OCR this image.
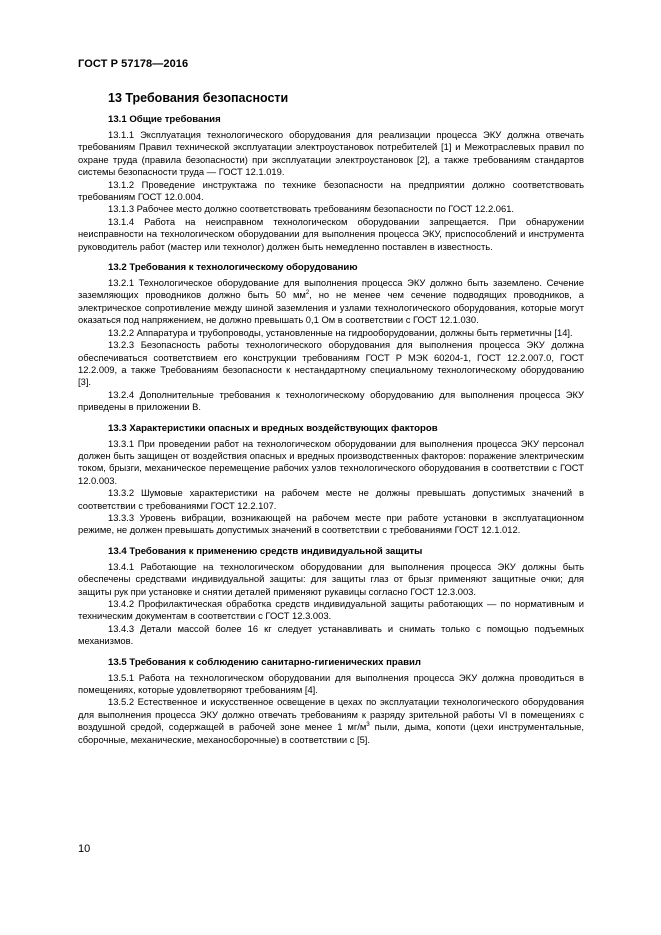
ГОСТ Р 57178—2016
13 Требования безопасности
13.1 Общие требования

13.1.1 Эксплуатация технологического оборудования для реализации процесса ЭКУ должна отвечать требованиям Правил технической эксплуатации электроустановок потребителей [1] и Межотраслевых правил по охране труда (правила безопасности) при эксплуатации электроустановок [2], а также требованиям стандартов системы безопасности труда — ГОСТ 12.1.019.

13.1.2 Проведение инструктажа по технике безопасности на предприятии должно соответствовать требованиям ГОСТ 12.0.004.

13.1.3 Рабочее место должно соответствовать требованиям безопасности по ГОСТ 12.2.061.

13.1.4 Работа на неисправном технологическом оборудовании запрещается. При обнаружении неисправности на технологическом оборудовании для выполнения процесса ЭКУ, приспособлений и инструмента руководитель работ (мастер или технолог) должен быть немедленно поставлен в известность.

13.2 Требования к технологическому оборудованию

13.2.1 Технологическое оборудование для выполнения процесса ЭКУ должно быть заземлено. Сечение заземляющих проводников должно быть 50 $мм^2$, но не менее чем сечение подводящих проводников, а электрическое сопротивление между шиной заземления и узлами технологического оборудования, которые могут оказаться под напряжением, не должно превышать 0,1 Ом в соответствии с ГОСТ 12.1.030.

13.2.2 Аппаратура и трубопроводы, установленные на гидрооборудовании, должны быть герметичны [14].

13.2.3 Безопасность работы технологического оборудования для выполнения процесса ЭКУ должна обеспечиваться соответствием его конструкции требованиям ГОСТ Р МЭК 60204-1, ГОСТ 12.2.007.0, ГОСТ 12.2.009, а также Требованиям безопасности к нестандартному специальному технологическому оборудованию [3].

13.2.4 Дополнительные требования к технологическому оборудованию для выполнения процесса ЭКУ приведены в приложении В.

13.3 Характеристики опасных и вредных воздействующих факторов

13.3.1 При проведении работ на технологическом оборудовании для выполнения процесса ЭКУ персонал должен быть защищен от воздействия опасных и вредных производственных факторов: поражение электрическим током, брызги, механическое перемещение рабочих узлов технологического оборудования в соответствии с ГОСТ 12.0.003.

13.3.2 Шумовые характеристики на рабочем месте не должны превышать допустимых значений в соответствии с требованиями ГОСТ 12.2.107.

13.3.3 Уровень вибрации, возникающей на рабочем месте при работе установки в эксплуатационном режиме, не должен превышать допустимых значений в соответствии с требованиями ГОСТ 12.1.012.

13.4 Требования к применению средств индивидуальной защиты

13.4.1 Работающие на технологическом оборудовании для выполнения процесса ЭКУ должны быть обеспечены средствами индивидуальной защиты: для защиты глаз от брызг применяют защитные очки; для защиты рук при установке и снятии деталей применяют рукавицы согласно ГОСТ 12.3.003.

13.4.2 Профилактическая обработка средств индивидуальной защиты работающих — по нормативным и техническим документам в соответствии с ГОСТ 12.3.003.

13.4.3 Детали массой более 16 кг следует устанавливать и снимать только с помощью подъемных механизмов.

13.5 Требования к соблюдению санитарно-гигиенических правил

13.5.1 Работа на технологическом оборудовании для выполнения процесса ЭКУ должна проводиться в помещениях, которые удовлетворяют требованиям [4].

13.5.2 Естественное и искусственное освещение в цехах по эксплуатации технологического оборудования для выполнения процесса ЭКУ должно отвечать требованиям к разряду зрительной работы VI в помещениях с воздушной средой, содержащей в рабочей зоне менее 1 $мг/м^3$ пыли, дыма, копоти (цехи инструментальные, сборочные, механические, механосборочные) в соответствии с [5].

10
